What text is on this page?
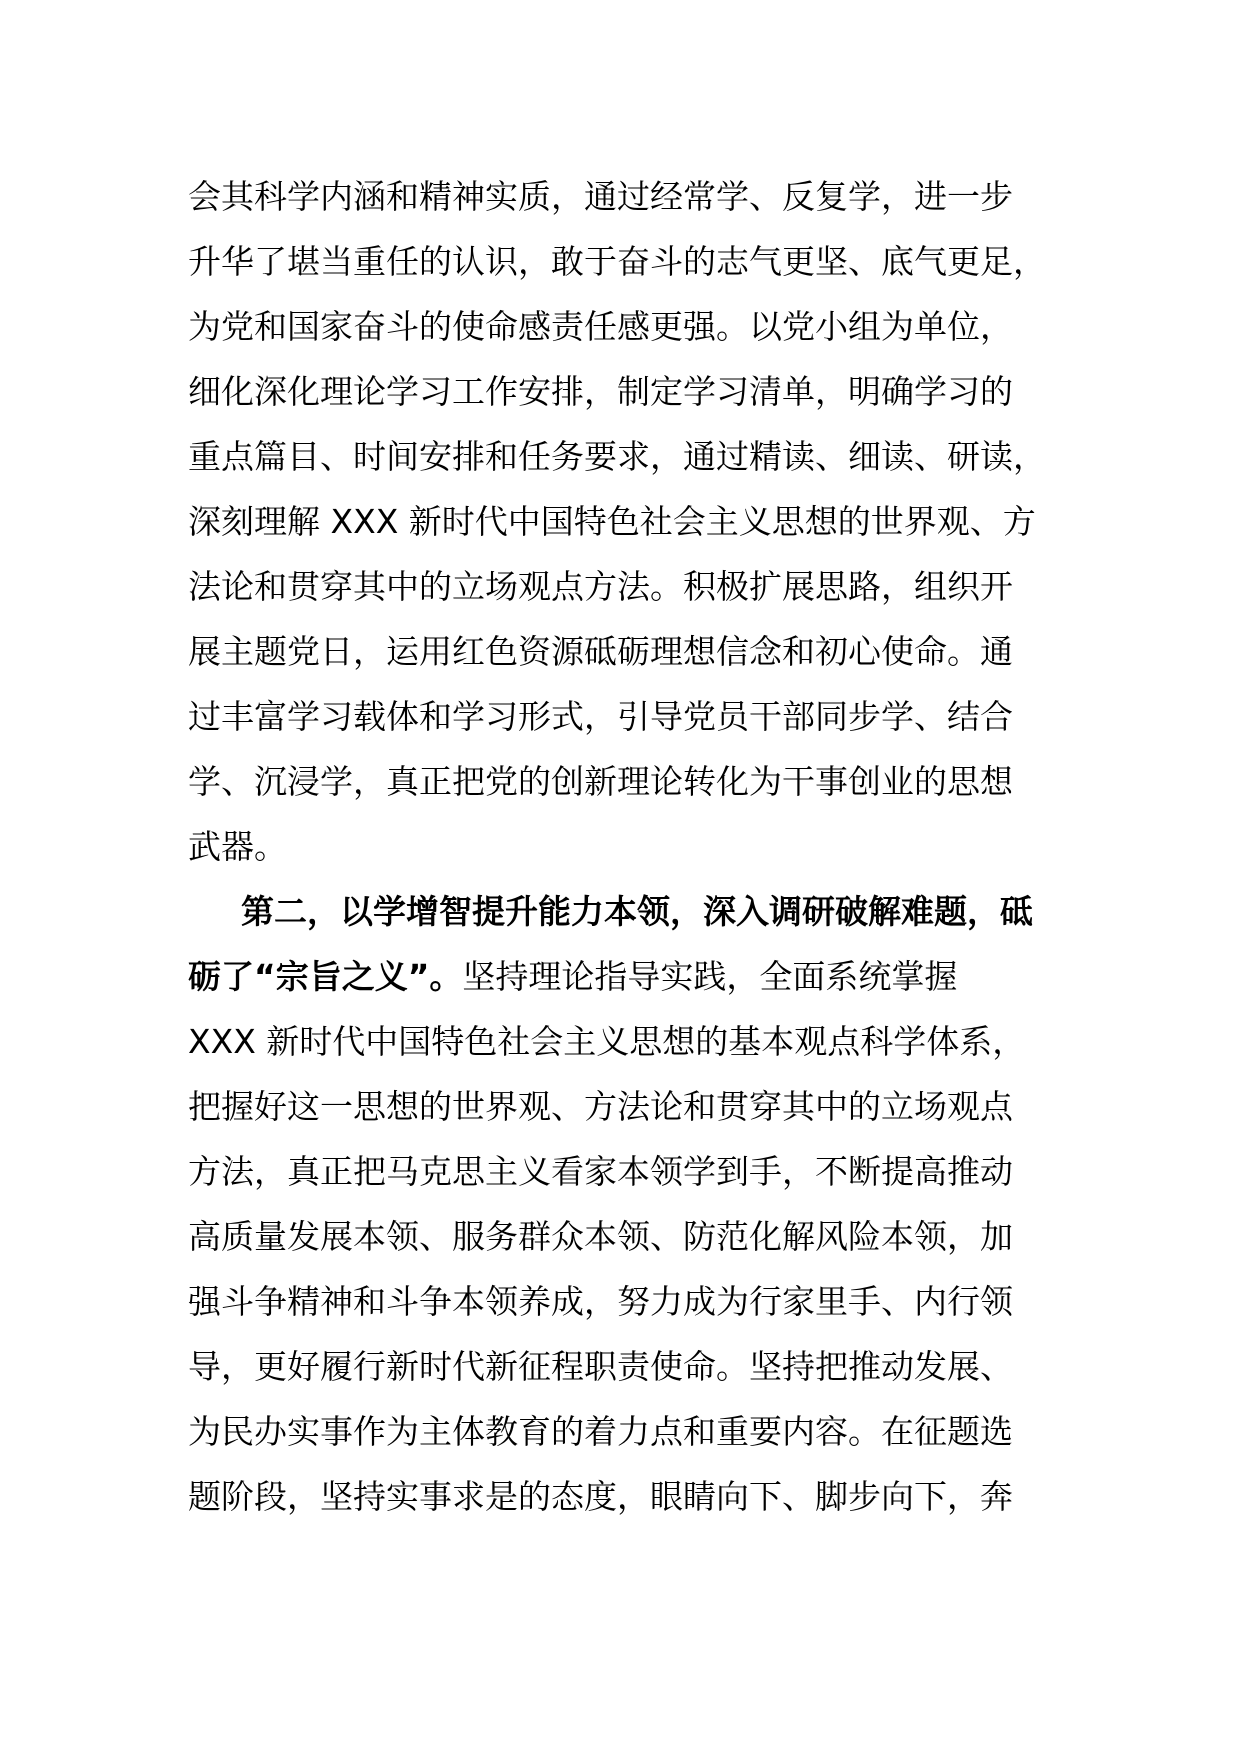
会其科学内涵和精神实质，通过经常学、反复学，进一步
升华了堪当重任的认识，敢于奋斗的志气更坚、底气更足，
为党和国家奋斗的使命感责任感更强。以党小组为单位，
细化深化理论学习工作安排，制定学习清单，明确学习的
重点篇目、时间安排和任务要求，通过精读、细读、研读，
深刻理解 XXX 新时代中国特色社会主义思想的世界观、方
法论和贯穿其中的立场观点方法。积极扩展思路，组织开
展主题党日，运用红色资源砥砺理想信念和初心使命。通
过丰富学习载体和学习形式，引导党员干部同步学、结合
学、沉浸学，真正把党的创新理论转化为干事创业的思想
武器。
第二，以学增智提升能力本领，深入调研破解难题，砥
砺了“宗旨之义”。坚持理论指导实践，全面系统掌握
XXX 新时代中国特色社会主义思想的基本观点科学体系，
把握好这一思想的世界观、方法论和贯穿其中的立场观点
方法，真正把马克思主义看家本领学到手，不断提高推动
高质量发展本领、服务群众本领、防范化解风险本领，加
强斗争精神和斗争本领养成，努力成为行家里手、内行领
导，更好履行新时代新征程职责使命。坚持把推动发展、
为民办实事作为主体教育的着力点和重要内容。在征题选
题阶段，坚持实事求是的态度，眼睛向下、脚步向下，奔
